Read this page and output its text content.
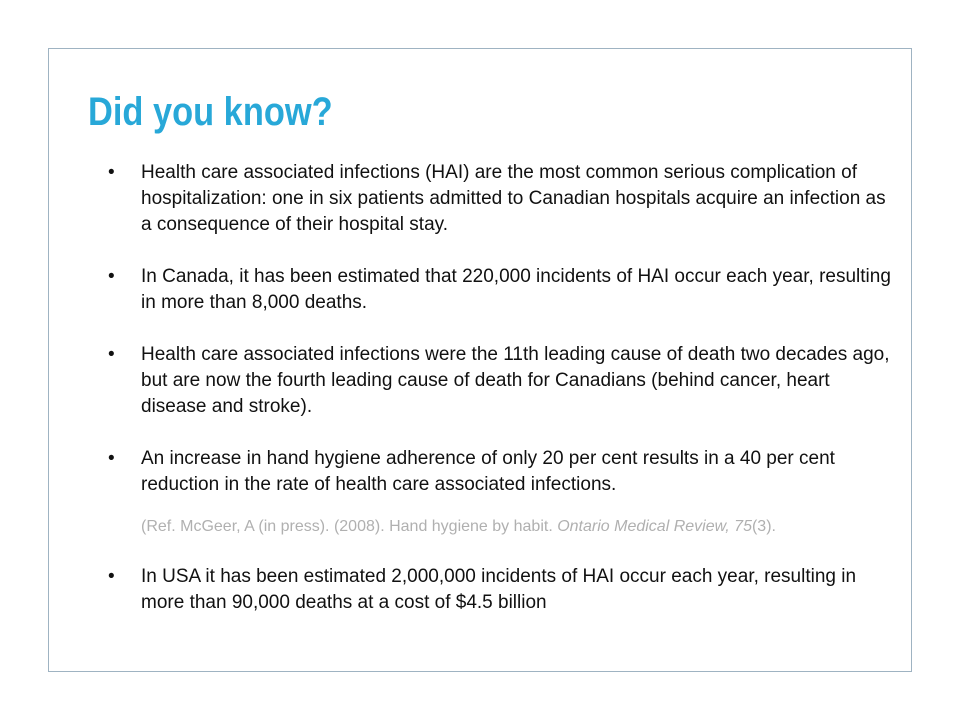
Did you know?
• Health care associated infections (HAI) are the most common serious complication of hospitalization: one in six patients admitted to Canadian hospitals acquire an infection as a consequence of their hospital stay.
• In Canada, it has been estimated that 220,000 incidents of HAI occur each year, resulting in more than 8,000 deaths.
• Health care associated infections were the 11th leading cause of death two decades ago, but are now the fourth leading cause of death for Canadians (behind cancer, heart disease and stroke).
• An increase in hand hygiene adherence of only 20 per cent results in a 40 per cent reduction in the rate of health care associated infections.
(Ref. McGeer, A (in press). (2008). Hand hygiene by habit. Ontario Medical Review, 75(3).
• In USA it has been estimated 2,000,000 incidents of HAI occur each year, resulting in more than 90,000 deaths at a cost of $4.5 billion
